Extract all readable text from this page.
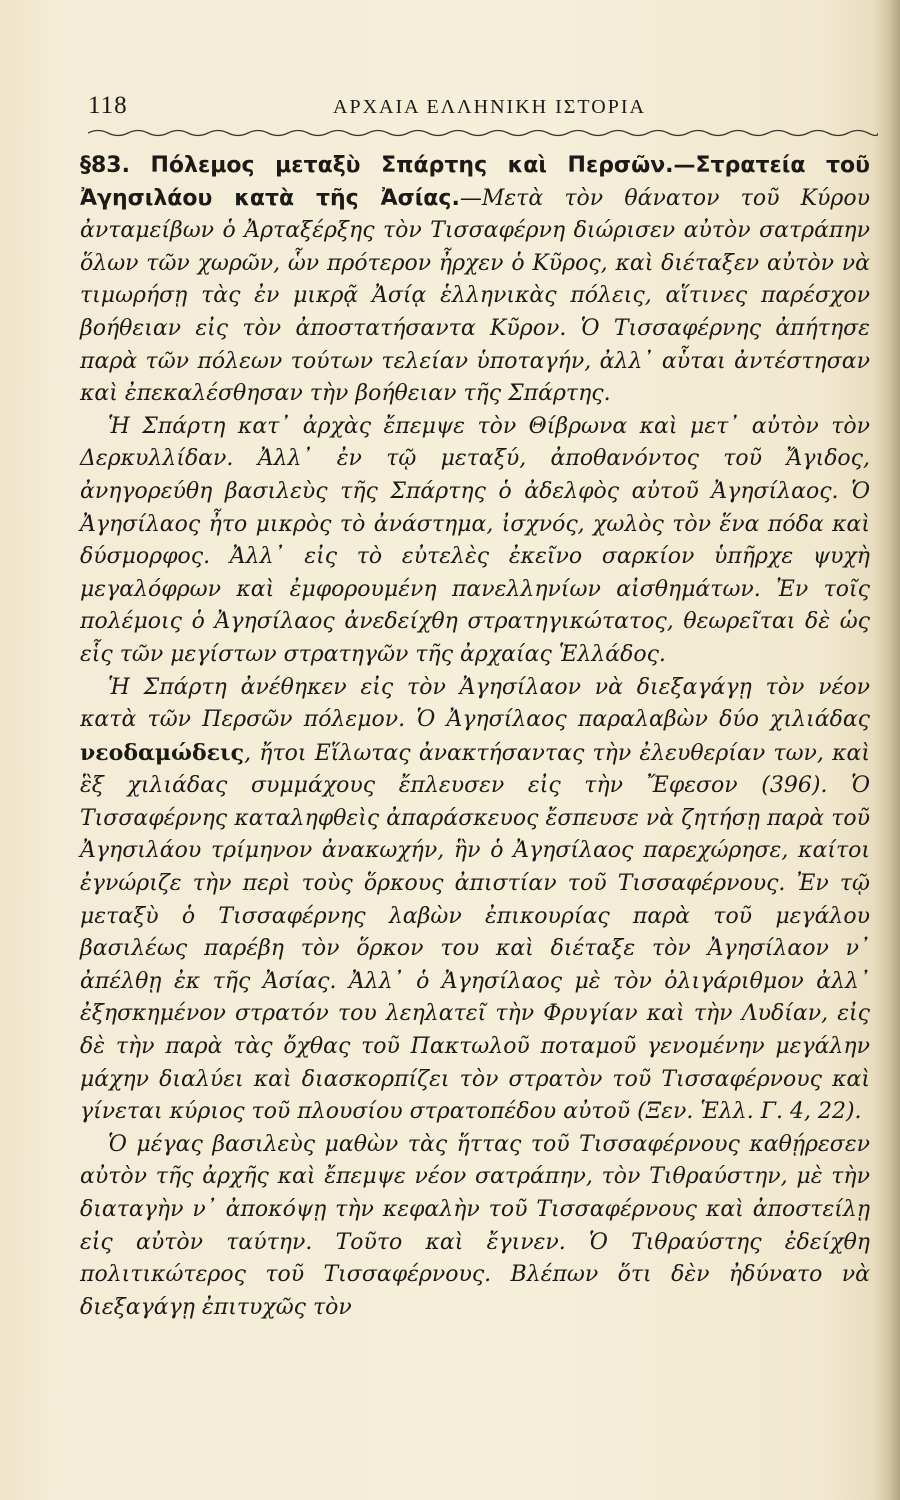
118	ΑΡΧΑΙΑ ΕΛΛΗΝΙΚΗ ΙΣΤΟΡΙΑ

§83. Πόλεμος μεταξὺ Σπάρτης καὶ Περσῶν.—Στρατεία τοῦ Ἀγησιλάου κατὰ τῆς Ἀσίας.—Μετὰ τὸν θάνατον τοῦ Κύρου ἀνταμείβων ὁ Ἀρταξέρξης τὸν Τισσαφέρνη διώρισεν αὐτὸν σατράπην ὅλων τῶν χωρῶν, ὧν πρότερον ἦρχεν ὁ Κῦρος, καὶ διέταξεν αὐτὸν νὰ τιμωρήσῃ τὰς ἐν μικρᾷ Ἀσίᾳ ἑλληνικὰς πόλεις, αἵτινες παρέσχον βοήθειαν εἰς τὸν ἀποστατήσαντα Κῦρον. Ὁ Τισσαφέρνης ἀπήτησε παρὰ τῶν πόλεων τούτων τελείαν ὑποταγήν, ἀλλ᾽ αὗται ἀντέστησαν καὶ ἐπεκαλέσθησαν τὴν βοήθειαν τῆς Σπάρτης.

Ἡ Σπάρτη κατ᾽ ἀρχὰς ἔπεμψε τὸν Θίβρωνα καὶ μετ᾽ αὐτὸν τὸν Δερκυλλίδαν. Ἀλλ᾽ ἐν τῷ μεταξύ, ἀποθανόντος τοῦ Ἄγιδος, ἀνηγορεύθη βασιλεὺς τῆς Σπάρτης ὁ ἀδελφὸς αὐτοῦ Ἀγησίλαος. Ὁ Ἀγησίλαος ἦτο μικρὸς τὸ ἀνάστημα, ἰσχνός, χωλὸς τὸν ἕνα πόδα καὶ δύσμορφος. Ἀλλ᾽ εἰς τὸ εὐτελὲς ἐκεῖνο σαρκίον ὑπῆρχε ψυχὴ μεγαλόφρων καὶ ἐμφορουμένη πανελληνίων αἰσθημάτων. Ἐν τοῖς πολέμοις ὁ Ἀγησίλαος ἀνεδείχθη στρατηγικώτατος, θεωρεῖται δὲ ὡς εἷς τῶν μεγίστων στρατηγῶν τῆς ἀρχαίας Ἑλλάδος.

Ἡ Σπάρτη ἀνέθηκεν εἰς τὸν Ἀγησίλαον νὰ διεξαγάγῃ τὸν νέον κατὰ τῶν Περσῶν πόλεμον. Ὁ Ἀγησίλαος παραλαβὼν δύο χιλιάδας νεοδαμώδεις, ἤτοι Εἵλωτας ἀνακτήσαντας τὴν ἐλευθερίαν των, καὶ ἓξ χιλιάδας συμμάχους ἔπλευσεν εἰς τὴν Ἔφεσον (396). Ὁ Τισσαφέρνης καταληφθεὶς ἀπαράσκευος ἔσπευσε νὰ ζητήσῃ παρὰ τοῦ Ἀγησιλάου τρίμηνον ἀνακωχήν, ἣν ὁ Ἀγησίλαος παρεχώρησε, καίτοι ἐγνώριζε τὴν περὶ τοὺς ὅρκους ἀπιστίαν τοῦ Τισσαφέρνους. Ἐν τῷ μεταξὺ ὁ Τισσαφέρνης λαβὼν ἐπικουρίας παρὰ τοῦ μεγάλου βασιλέως παρέβη τὸν ὅρκον του καὶ διέταξε τὸν Ἀγησίλαον ν᾽ ἀπέλθῃ ἐκ τῆς Ἀσίας. Ἀλλ᾽ ὁ Ἀγησίλαος μὲ τὸν ὀλιγάριθμον ἀλλ᾽ ἐξησκημένον στρατόν του λεηλατεῖ τὴν Φρυγίαν καὶ τὴν Λυδίαν, εἰς δὲ τὴν παρὰ τὰς ὄχθας τοῦ Πακτωλοῦ ποταμοῦ γενομένην μεγάλην μάχην διαλύει καὶ διασκορπίζει τὸν στρατὸν τοῦ Τισσαφέρνους καὶ γίνεται κύριος τοῦ πλουσίου στρατοπέδου αὐτοῦ (Ξεν. Ἑλλ. Γ. 4, 22).

Ὁ μέγας βασιλεὺς μαθὼν τὰς ἥττας τοῦ Τισσαφέρνους καθῄρεσεν αὐτὸν τῆς ἀρχῆς καὶ ἔπεμψε νέον σατράπην, τὸν Τιθραύστην, μὲ τὴν διαταγὴν ν᾽ ἀποκόψῃ τὴν κεφαλὴν τοῦ Τισσαφέρνους καὶ ἀποστείλῃ εἰς αὐτὸν ταύτην. Τοῦτο καὶ ἔγινεν. Ὁ Τιθραύστης ἐδείχθη πολιτικώτερος τοῦ Τισσαφέρνους. Βλέπων ὅτι δὲν ἠδύνατο νὰ διεξαγάγῃ ἐπιτυχῶς τὸν
